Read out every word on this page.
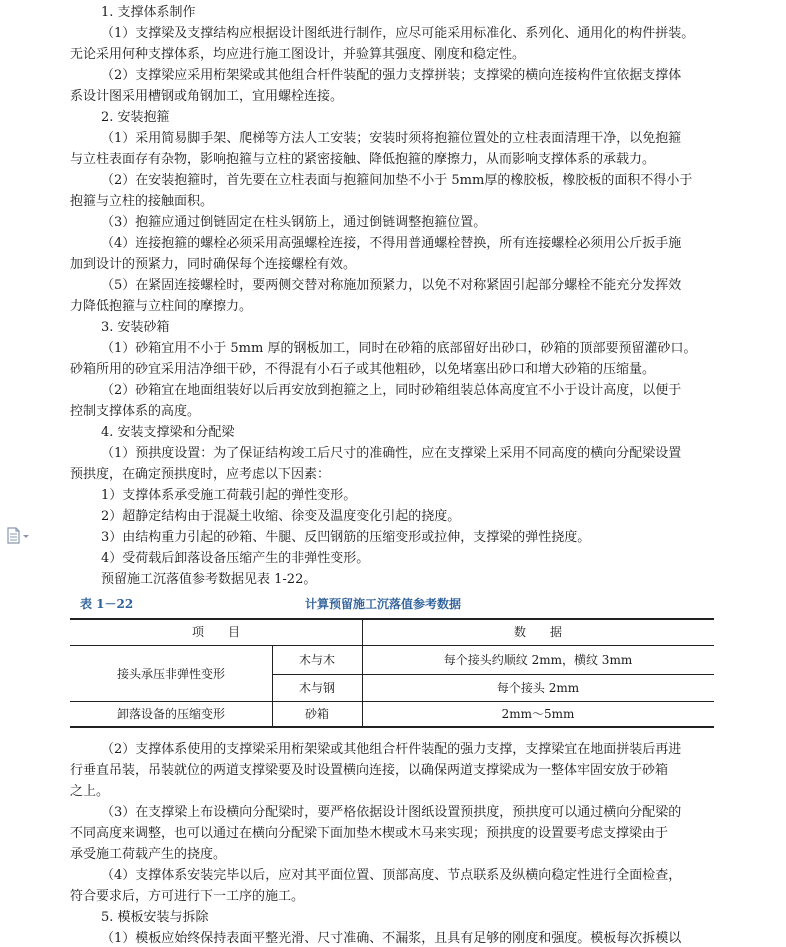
1. 支撑体系制作
（1）支撑梁及支撑结构应根据设计图纸进行制作，应尽可能采用标准化、系列化、通用化的构件拼装。
无论采用何种支撑体系，均应进行施工图设计，并验算其强度、刚度和稳定性。
（2）支撑梁应采用桁架梁或其他组合杆件装配的强力支撑拼装；支撑梁的横向连接构件宜依据支撑体
系设计图采用槽钢或角钢加工，宜用螺栓连接。
2. 安装抱箍
（1）采用简易脚手架、爬梯等方法人工安装；安装时须将抱箍位置处的立柱表面清理干净，以免抱箍
与立柱表面存有杂物，影响抱箍与立柱的紧密接触、降低抱箍的摩擦力，从而影响支撑体系的承载力。
（2）在安装抱箍时，首先要在立柱表面与抱箍间加垫不小于 5mm厚的橡胶板，橡胶板的面积不得小于
抱箍与立柱的接触面积。
（3）抱箍应通过倒链固定在柱头钢筋上，通过倒链调整抱箍位置。
（4）连接抱箍的螺栓必须采用高强螺栓连接，不得用普通螺栓替换，所有连接螺栓必须用公斤扳手施
加到设计的预紧力，同时确保每个连接螺栓有效。
（5）在紧固连接螺栓时，要两侧交替对称施加预紧力，以免不对称紧固引起部分螺栓不能充分发挥效
力降低抱箍与立柱间的摩擦力。
3. 安装砂箱
（1）砂箱宜用不小于 5mm 厚的钢板加工，同时在砂箱的底部留好出砂口，砂箱的顶部要预留灌砂口。
砂箱所用的砂宜采用洁净细干砂，不得混有小石子或其他粗砂，以免堵塞出砂口和增大砂箱的压缩量。
（2）砂箱宜在地面组装好以后再安放到抱箍之上，同时砂箱组装总体高度宜不小于设计高度，以便于
控制支撑体系的高度。
4. 安装支撑梁和分配梁
（1）预拱度设置：为了保证结构竣工后尺寸的准确性，应在支撑梁上采用不同高度的横向分配梁设置
预拱度，在确定预拱度时，应考虑以下因素：
1）支撑体系承受施工荷载引起的弹性变形。
2）超静定结构由于混凝土收缩、徐变及温度变化引起的挠度。
3）由结构重力引起的砂箱、牛腿、反凹钢筋的压缩变形或拉伸，支撑梁的弹性挠度。
4）受荷载后卸落设备压缩产生的非弹性变形。
预留施工沉落值参考数据见表 1-22。
表 1－22	计算预留施工沉落值参考数据
项　　目	数　　据
接头承压非弹性变形
木与木	每个接头约顺纹 2mm，横纹 3mm
木与钢	每个接头 2mm
卸落设备的压缩变形	砂箱	2mm～5mm
（2）支撑体系使用的支撑梁采用桁架梁或其他组合杆件装配的强力支撑，支撑梁宜在地面拼装后再进
行垂直吊装，吊装就位的两道支撑梁要及时设置横向连接，以确保两道支撑梁成为一整体牢固安放于砂箱
之上。
（3）在支撑梁上布设横向分配梁时，要严格依据设计图纸设置预拱度，预拱度可以通过横向分配梁的
不同高度来调整，也可以通过在横向分配梁下面加垫木楔或木马来实现；预拱度的设置要考虑支撑梁由于
承受施工荷载产生的挠度。
（4）支撑体系安装完毕以后，应对其平面位置、顶部高度、节点联系及纵横向稳定性进行全面检查，
符合要求后，方可进行下一工序的施工。
5. 模板安装与拆除
（1）模板应始终保持表面平整光滑、尺寸准确、不漏浆，且具有足够的刚度和强度。模板每次拆模以
